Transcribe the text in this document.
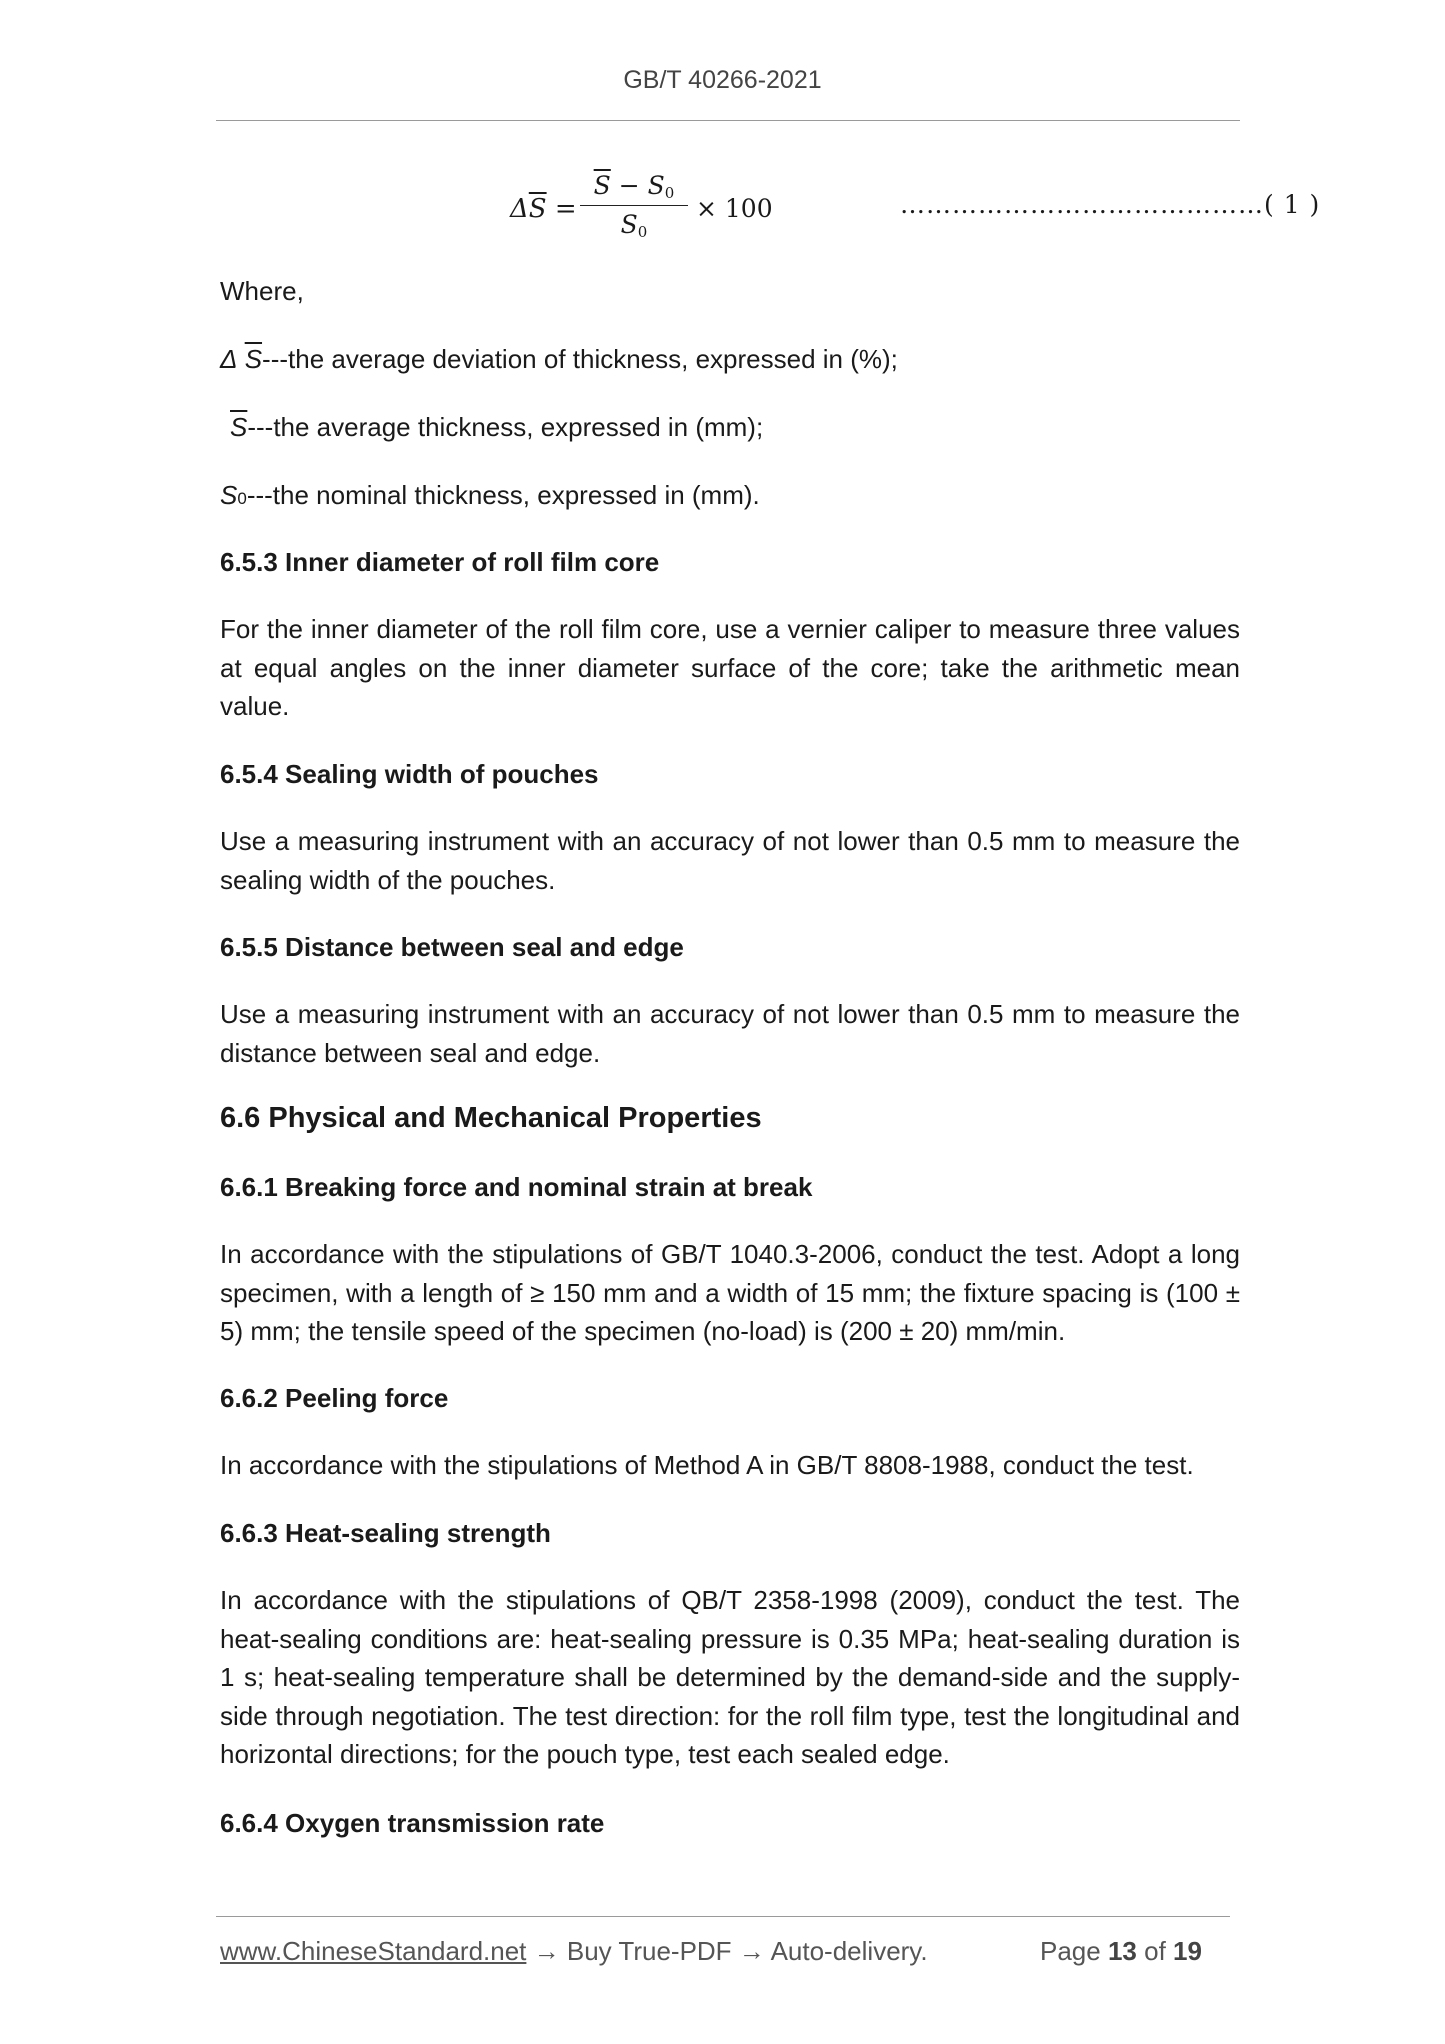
GB/T 40266-2021
$\Delta\overline{S}$ =
$\overline{S} - S_0$
$S_0$
× 100	……………………………………( 1 )
Where,
Δ $\overline{S}--$-the average deviation of thickness, expressed in (%);
$\overline{S}--$-the average thickness, expressed in (mm);
S0---the nominal thickness, expressed in (mm).
6.5.3 Inner diameter of roll film core
For the inner diameter of the roll film core, use a vernier caliper to measure three values at equal angles on the inner diameter surface of the core; take the arithmetic mean value.
6.5.4 Sealing width of pouches
Use a measuring instrument with an accuracy of not lower than 0.5 mm to measure the sealing width of the pouches.
6.5.5 Distance between seal and edge
Use a measuring instrument with an accuracy of not lower than 0.5 mm to measure the distance between seal and edge.
6.6 Physical and Mechanical Properties
6.6.1 Breaking force and nominal strain at break
In accordance with the stipulations of GB/T 1040.3-2006, conduct the test. Adopt a long specimen, with a length of ≥ 150 mm and a width of 15 mm; the fixture spacing is (100 ± 5) mm; the tensile speed of the specimen (no-load) is (200 ± 20) mm/min.
6.6.2 Peeling force
In accordance with the stipulations of Method A in GB/T 8808-1988, conduct the test.
6.6.3 Heat-sealing strength
In accordance with the stipulations of QB/T 2358-1998 (2009), conduct the test. The heat-sealing conditions are: heat-sealing pressure is 0.35 MPa; heat-sealing duration is 1 s; heat-sealing temperature shall be determined by the demand-side and the supply-side through negotiation. The test direction: for the roll film type, test the longitudinal and horizontal directions; for the pouch type, test each sealed edge.
6.6.4 Oxygen transmission rate
www.ChineseStandard.net → Buy True-PDF → Auto-delivery.	Page 13 of 19
